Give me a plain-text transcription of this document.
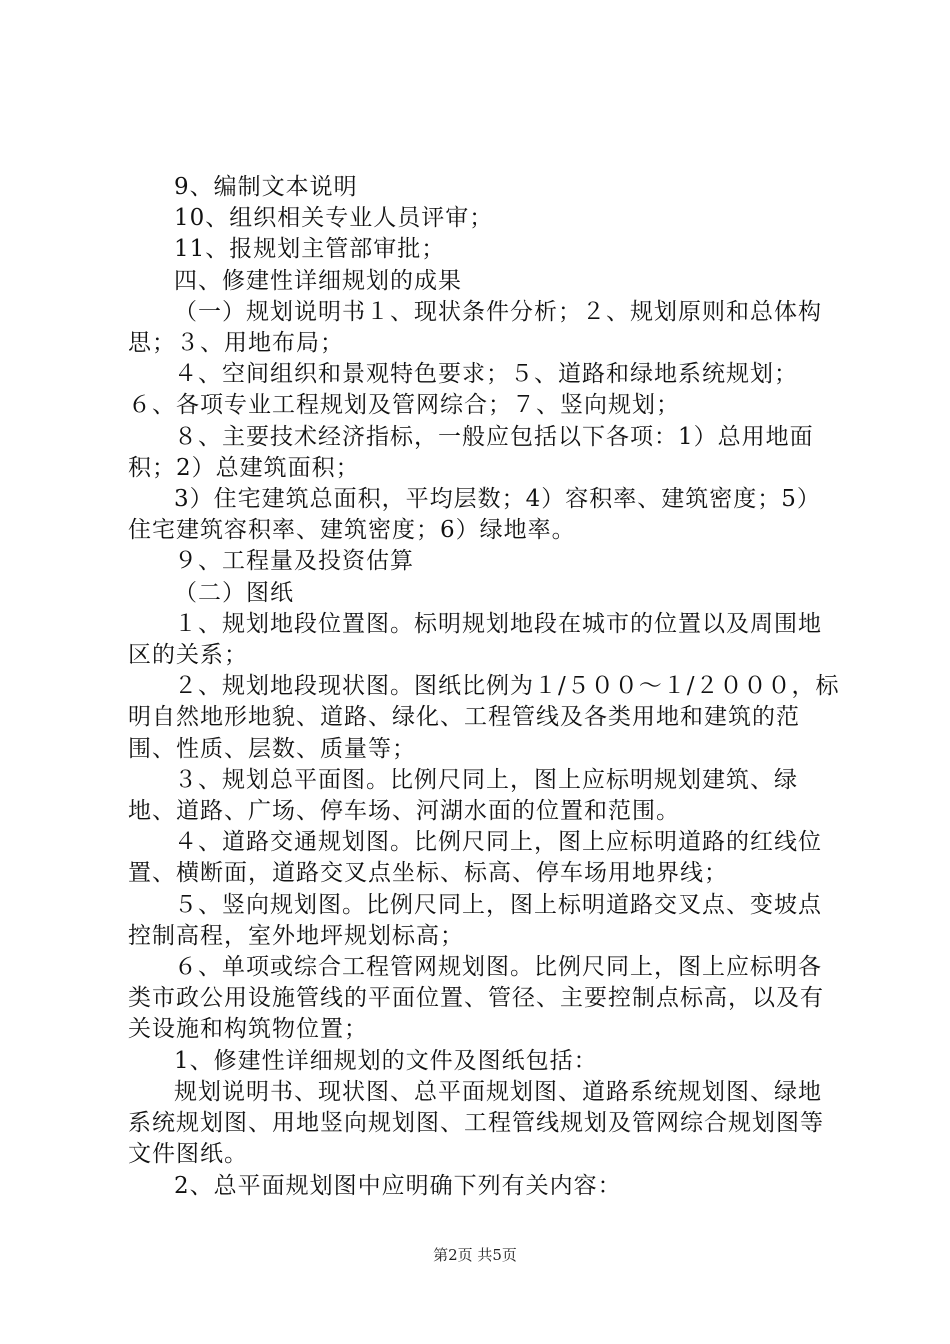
9、编制文本说明

10、组织相关专业人员评审；

11、报规划主管部审批；

四、修建性详细规划的成果

（一）规划说明书１、现状条件分析；２、规划原则和总体构思；３、用地布局；

４、空间组织和景观特色要求；５、道路和绿地系统规划；６、各项专业工程规划及管网综合；７、竖向规划；

８、主要技术经济指标，一般应包括以下各项：1）总用地面积；2）总建筑面积；

3）住宅建筑总面积，平均层数；4）容积率、建筑密度；5）住宅建筑容积率、建筑密度；6）绿地率。

９、工程量及投资估算

（二）图纸

１、规划地段位置图。标明规划地段在城市的位置以及周围地区的关系；

２、规划地段现状图。图纸比例为１/５００～１/２０００，标明自然地形地貌、道路、绿化、工程管线及各类用地和建筑的范围、性质、层数、质量等；

３、规划总平面图。比例尺同上，图上应标明规划建筑、绿地、道路、广场、停车场、河湖水面的位置和范围。

４、道路交通规划图。比例尺同上，图上应标明道路的红线位置、横断面，道路交叉点坐标、标高、停车场用地界线；

５、竖向规划图。比例尺同上，图上标明道路交叉点、变坡点控制高程，室外地坪规划标高；

６、单项或综合工程管网规划图。比例尺同上，图上应标明各类市政公用设施管线的平面位置、管径、主要控制点标高，以及有关设施和构筑物位置；

1、修建性详细规划的文件及图纸包括：

规划说明书、现状图、总平面规划图、道路系统规划图、绿地系统规划图、用地竖向规划图、工程管线规划及管网综合规划图等文件图纸。

2、总平面规划图中应明确下列有关内容：

第2页 共5页
